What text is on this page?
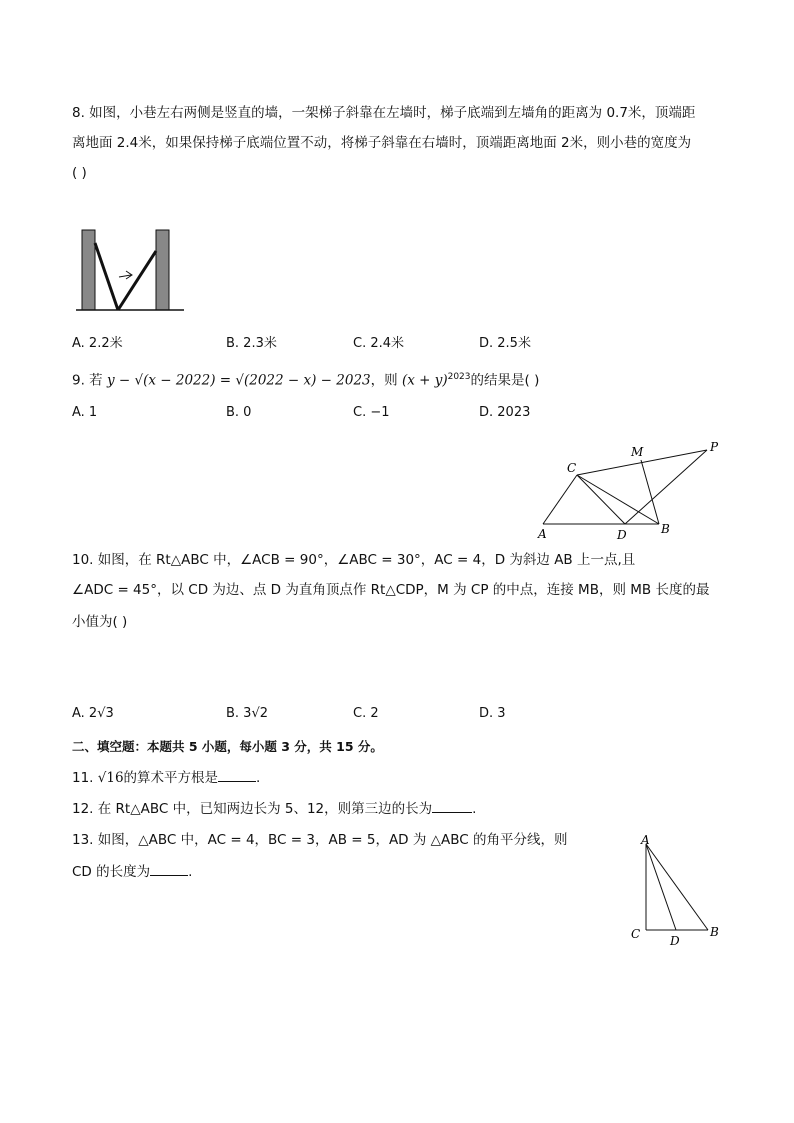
8. 如图，小巷左右两侧是竖直的墙，一架梯子斜靠在左墙时，梯子底端到左墙角的距离为 0.7米，顶端距
离地面 2.4米，如果保持梯子底端位置不动，将梯子斜靠在右墙时，顶端距离地面 2米，则小巷的宽度为
( )
A. 2.2米	B. 2.3米	C. 2.4米	D. 2.5米
9. 若 y − √(x − 2022) = √(2022 − x) − 2023，则 $(x + y)^{2023}$的结果是( )
A. 1	B. 0	C. −1	D. 2023
C
M	P
A	D	B
10. 如图，在 Rt△ABC 中，∠ACB = 90°，∠ABC = 30°，AC = 4，D 为斜边 AB 上一点,且
∠ADC = 45°，以 CD 为边、点 D 为直角顶点作 Rt△CDP，M 为 CP 的中点，连接 MB，则 MB 长度的最
小值为( )
A. 2√3	B. 3√2	C. 2	D. 3
二、填空题：本题共 5 小题，每小题 3 分，共 15 分。
11. √16的算术平方根是	.
12. 在 Rt△ABC 中，已知两边长为 5、12，则第三边的长为	.
13. 如图，△ABC 中，AC = 4，BC = 3，AB = 5，AD 为 △ABC 的角平分线，则
CD 的长度为	.
A
C D
B
